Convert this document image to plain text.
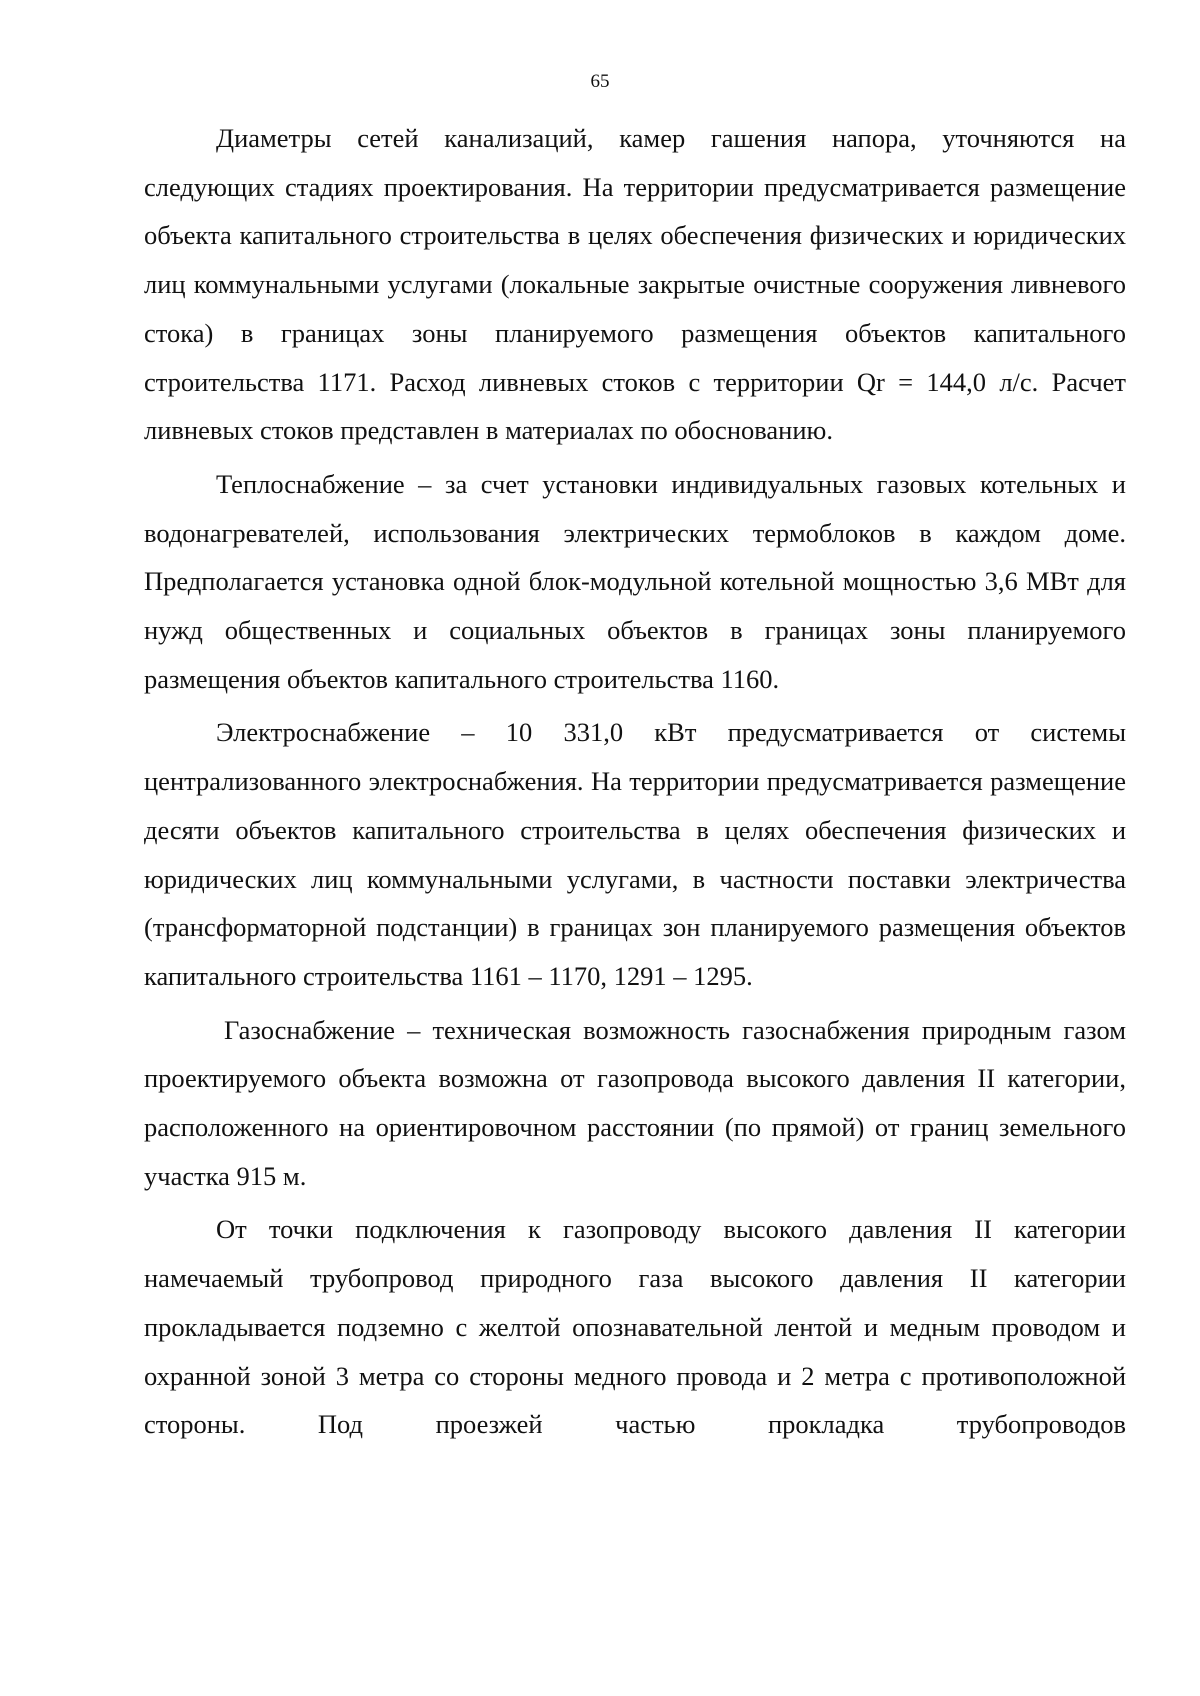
65

Диаметры сетей канализаций, камер гашения напора, уточняются на следующих стадиях проектирования. На территории предусматривается размещение объекта капитального строительства в целях обеспечения физических и юридических лиц коммунальными услугами (локальные закрытые очистные сооружения ливневого стока) в границах зоны планируемого размещения объектов капитального строительства 1171. Расход ливневых стоков с территории Qr = 144,0 л/с. Расчет ливневых стоков представлен в материалах по обоснованию.

Теплоснабжение – за счет установки индивидуальных газовых котельных и водонагревателей, использования электрических термоблоков в каждом доме. Предполагается установка одной блок-модульной котельной мощностью 3,6 МВт для нужд общественных и социальных объектов в границах зоны планируемого размещения объектов капитального строительства 1160.

Электроснабжение – 10 331,0 кВт предусматривается от системы централизованного электроснабжения. На территории предусматривается размещение десяти объектов капитального строительства в целях обеспечения физических и юридических лиц коммунальными услугами, в частности поставки электричества (трансформаторной подстанции) в границах зон планируемого размещения объектов капитального строительства 1161 – 1170, 1291 – 1295.

Газоснабжение – техническая возможность газоснабжения природным газом проектируемого объекта возможна от газопровода высокого давления II категории, расположенного на ориентировочном расстоянии (по прямой) от границ земельного участка 915 м.

От точки подключения к газопроводу высокого давления II категории намечаемый трубопровод природного газа высокого давления II категории прокладывается подземно с желтой опознавательной лентой и медным проводом и охранной зоной 3 метра со стороны медного провода и 2 метра с противоположной стороны. Под проезжей частью прокладка трубопроводов
